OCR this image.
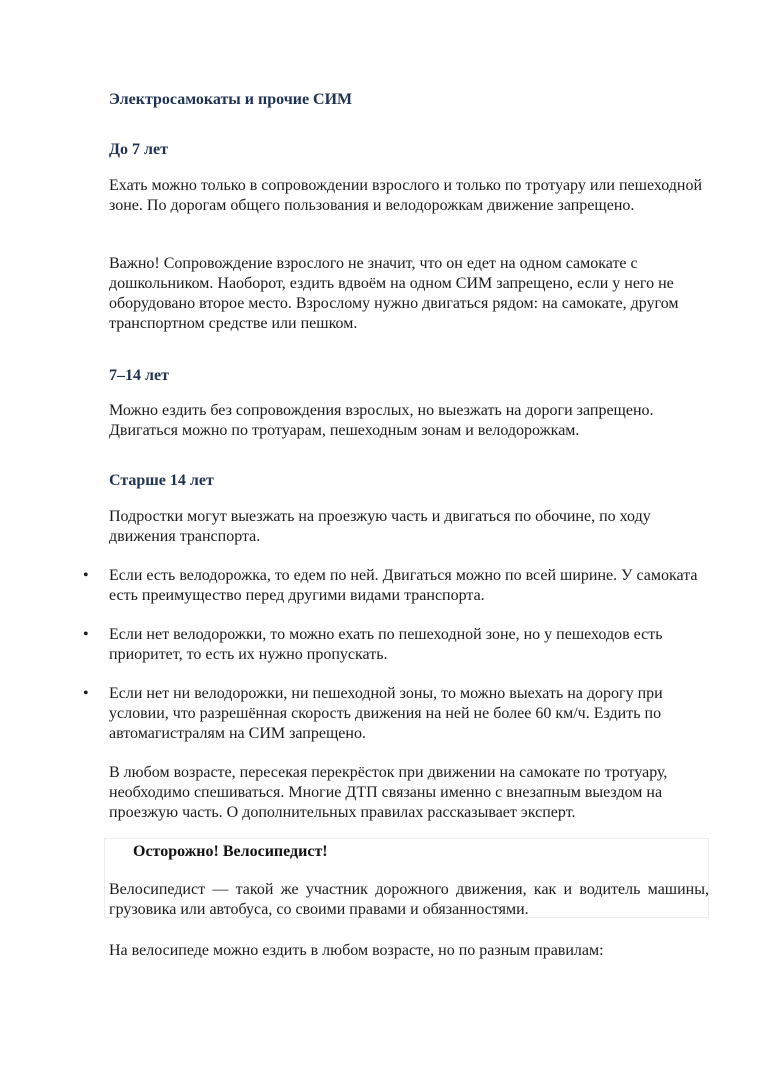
Электросамокаты и прочие СИМ

До 7 лет

Ехать можно только в сопровождении взрослого и только по тротуару или пешеходной зоне. По дорогам общего пользования и велодорожкам движение запрещено.

Важно! Сопровождение взрослого не значит, что он едет на одном самокате с дошкольником. Наоборот, ездить вдвоём на одном СИМ запрещено, если у него не оборудовано второе место. Взрослому нужно двигаться рядом: на самокате, другом транспортном средстве или пешком.

7–14 лет

Можно ездить без сопровождения взрослых, но выезжать на дороги запрещено. Двигаться можно по тротуарам, пешеходным зонам и велодорожкам.

Старше 14 лет

Подростки могут выезжать на проезжую часть и двигаться по обочине, по ходу движения транспорта.

•	Если есть велодорожка, то едем по ней. Двигаться можно по всей ширине. У самоката есть преимущество перед другими видами транспорта.
•	Если нет велодорожки, то можно ехать по пешеходной зоне, но у пешеходов есть приоритет, то есть их нужно пропускать.
•	Если нет ни велодорожки, ни пешеходной зоны, то можно выехать на дорогу при условии, что разрешённая скорость движения на ней не более 60 км/ч. Ездить по автомагистралям на СИМ запрещено.

В любом возрасте, пересекая перекрёсток при движении на самокате по тротуару, необходимо спешиваться. Многие ДТП связаны именно с внезапным выездом на проезжую часть. О дополнительных правилах рассказывает эксперт.

Осторожно! Велосипедист!

Велосипедист — такой же участник дорожного движения, как и водитель машины, грузовика или автобуса, со своими правами и обязанностями.

На велосипеде можно ездить в любом возрасте, но по разным правилам:
